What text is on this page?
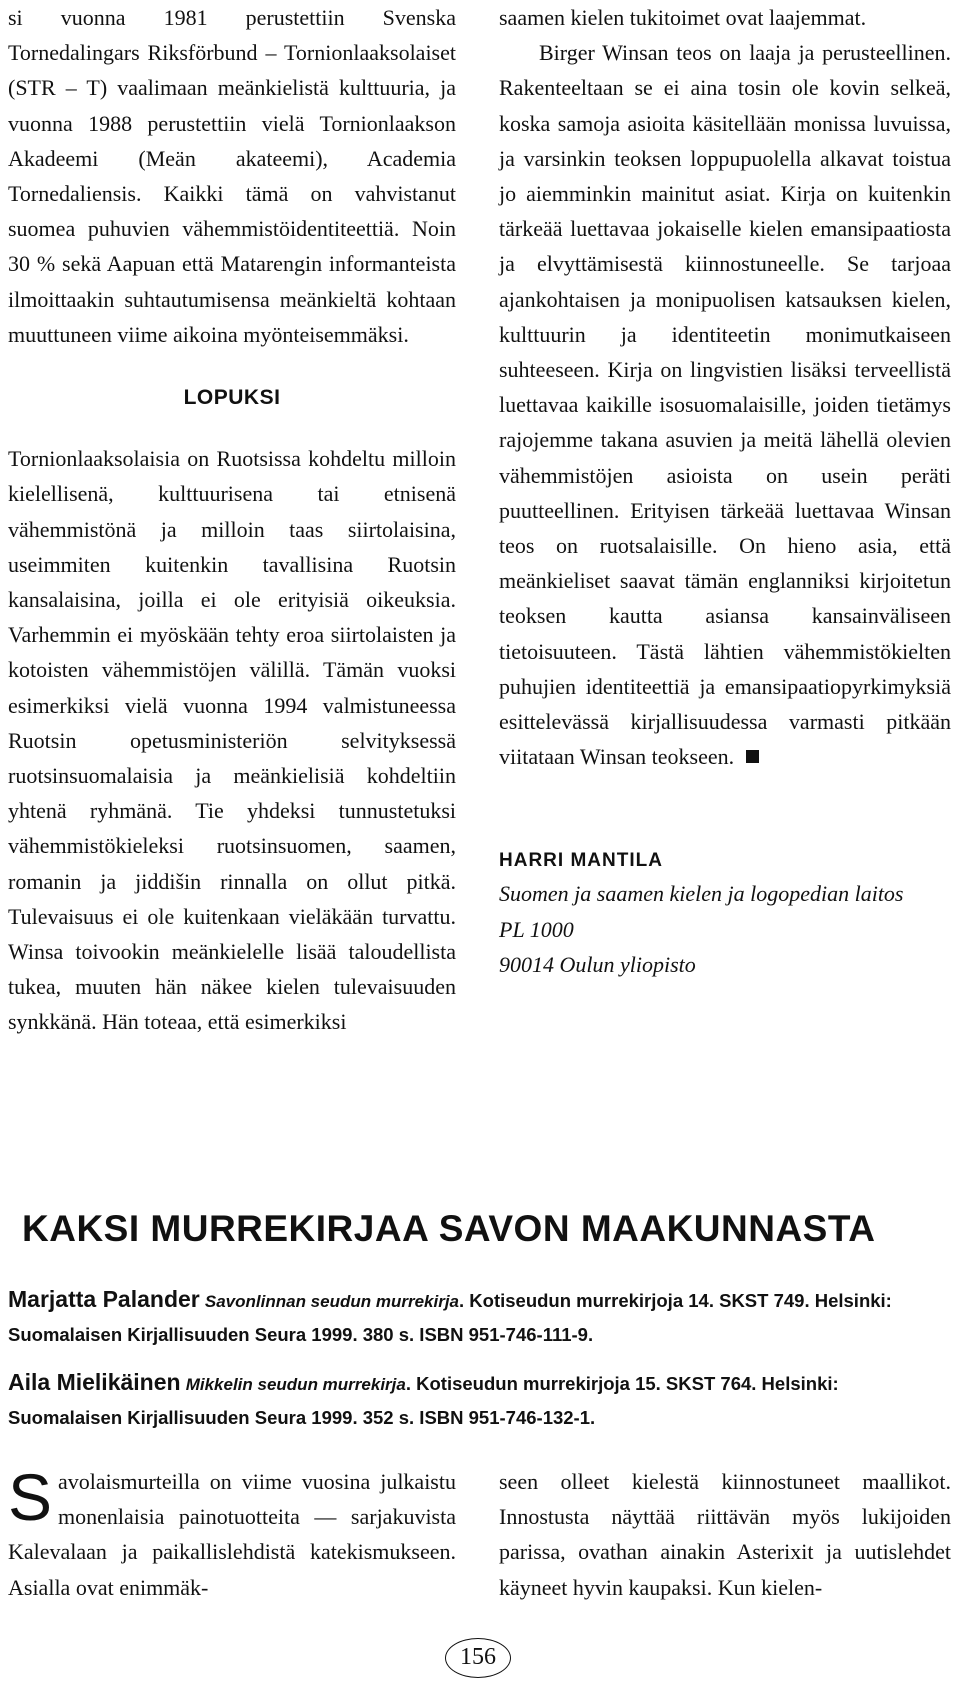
si vuonna 1981 perustettiin Svenska Tornedalingars Riksförbund – Tornionlaaksolaiset (STR – T) vaalimaan meänkielistä kulttuuria, ja vuonna 1988 perustettiin vielä Tornionlaakson Akadeemi (Meän akateemi), Academia Tornedaliensis. Kaikki tämä on vahvistanut suomea puhuvien vähemmistöidentiteettiä. Noin 30 % sekä Aapuan että Matarengin informanteista ilmoittaakin suhtautumisensa meänkieltä kohtaan muuttuneen viime aikoina myönteisemmäksi.

LOPUKSI

Tornionlaaksolaisia on Ruotsissa kohdeltu milloin kielellisenä, kulttuurisena tai etnisenä vähemmistönä ja milloin taas siirtolaisina, useimmiten kuitenkin tavallisina Ruotsin kansalaisina, joilla ei ole erityisiä oikeuksia. Varhemmin ei myöskään tehty eroa siirtolaisten ja kotoisten vähemmistöjen välillä. Tämän vuoksi esimerkiksi vielä vuonna 1994 valmistuneessa Ruotsin opetusministeriön selvityksessä ruotsinsuomalaisia ja meänkielisiä kohdeltiin yhtenä ryhmänä. Tie yhdeksi tunnustetuksi vähemmistökieleksi ruotsinsuomen, saamen, romanin ja jiddišin rinnalla on ollut pitkä. Tulevaisuus ei ole kuitenkaan vieläkään turvattu. Winsa toivookin meänkielelle lisää taloudellista tukea, muuten hän näkee kielen tulevaisuuden synkkänä. Hän toteaa, että esimerkiksi

saamen kielen tukitoimet ovat laajemmat.

Birger Winsan teos on laaja ja perusteellinen. Rakenteeltaan se ei aina tosin ole kovin selkeä, koska samoja asioita käsitellään monissa luvuissa, ja varsinkin teoksen loppupuolella alkavat toistua jo aiemminkin mainitut asiat. Kirja on kuitenkin tärkeää luettavaa jokaiselle kielen emansipaatiosta ja elvyttämisestä kiinnostuneelle. Se tarjoaa ajankohtaisen ja monipuolisen katsauksen kielen, kulttuurin ja identiteetin monimutkaiseen suhteeseen. Kirja on lingvistien lisäksi terveellistä luettavaa kaikille isosuomalaisille, joiden tietämys rajojemme takana asuvien ja meitä lähellä olevien vähemmistöjen asioista on usein peräti puutteellinen. Erityisen tärkeää luettavaa Winsan teos on ruotsalaisille. On hieno asia, että meänkieliset saavat tämän englanniksi kirjoitetun teoksen kautta asiansa kansainväliseen tietoisuuteen. Tästä lähtien vähemmistökielten puhujien identiteettiä ja emansipaatiopyrkimyksiä esittelevässä kirjallisuudessa varmasti pitkään viitataan Winsan teokseen.

HARRI MANTILA
Suomen ja saamen kielen ja logopedian laitos
PL 1000
90014 Oulun yliopisto
KAKSI MURREKIRJAA SAVON MAAKUNNASTA
Marjatta Palander Savonlinnan seudun murrekirja. Kotiseudun murrekirjoja 14. SKST 749. Helsinki: Suomalaisen Kirjallisuuden Seura 1999. 380 s. ISBN 951-746-111-9.
Aila Mielikäinen Mikkelin seudun murrekirja. Kotiseudun murrekirjoja 15. SKST 764. Helsinki: Suomalaisen Kirjallisuuden Seura 1999. 352 s. ISBN 951-746-132-1.

Savolaismurteilla on viime vuosina julkaistu monenlaisia painotuotteita — sarjakuvista Kalevalaan ja paikallislehdistä katekismukseen. Asialla ovat enimmäk-

seen olleet kielestä kiinnostuneet maallikot. Innostusta näyttää riittävän myös lukijoiden parissa, ovathan ainakin Asterixit ja uutislehdet käyneet hyvin kaupaksi. Kun kielen-

156
